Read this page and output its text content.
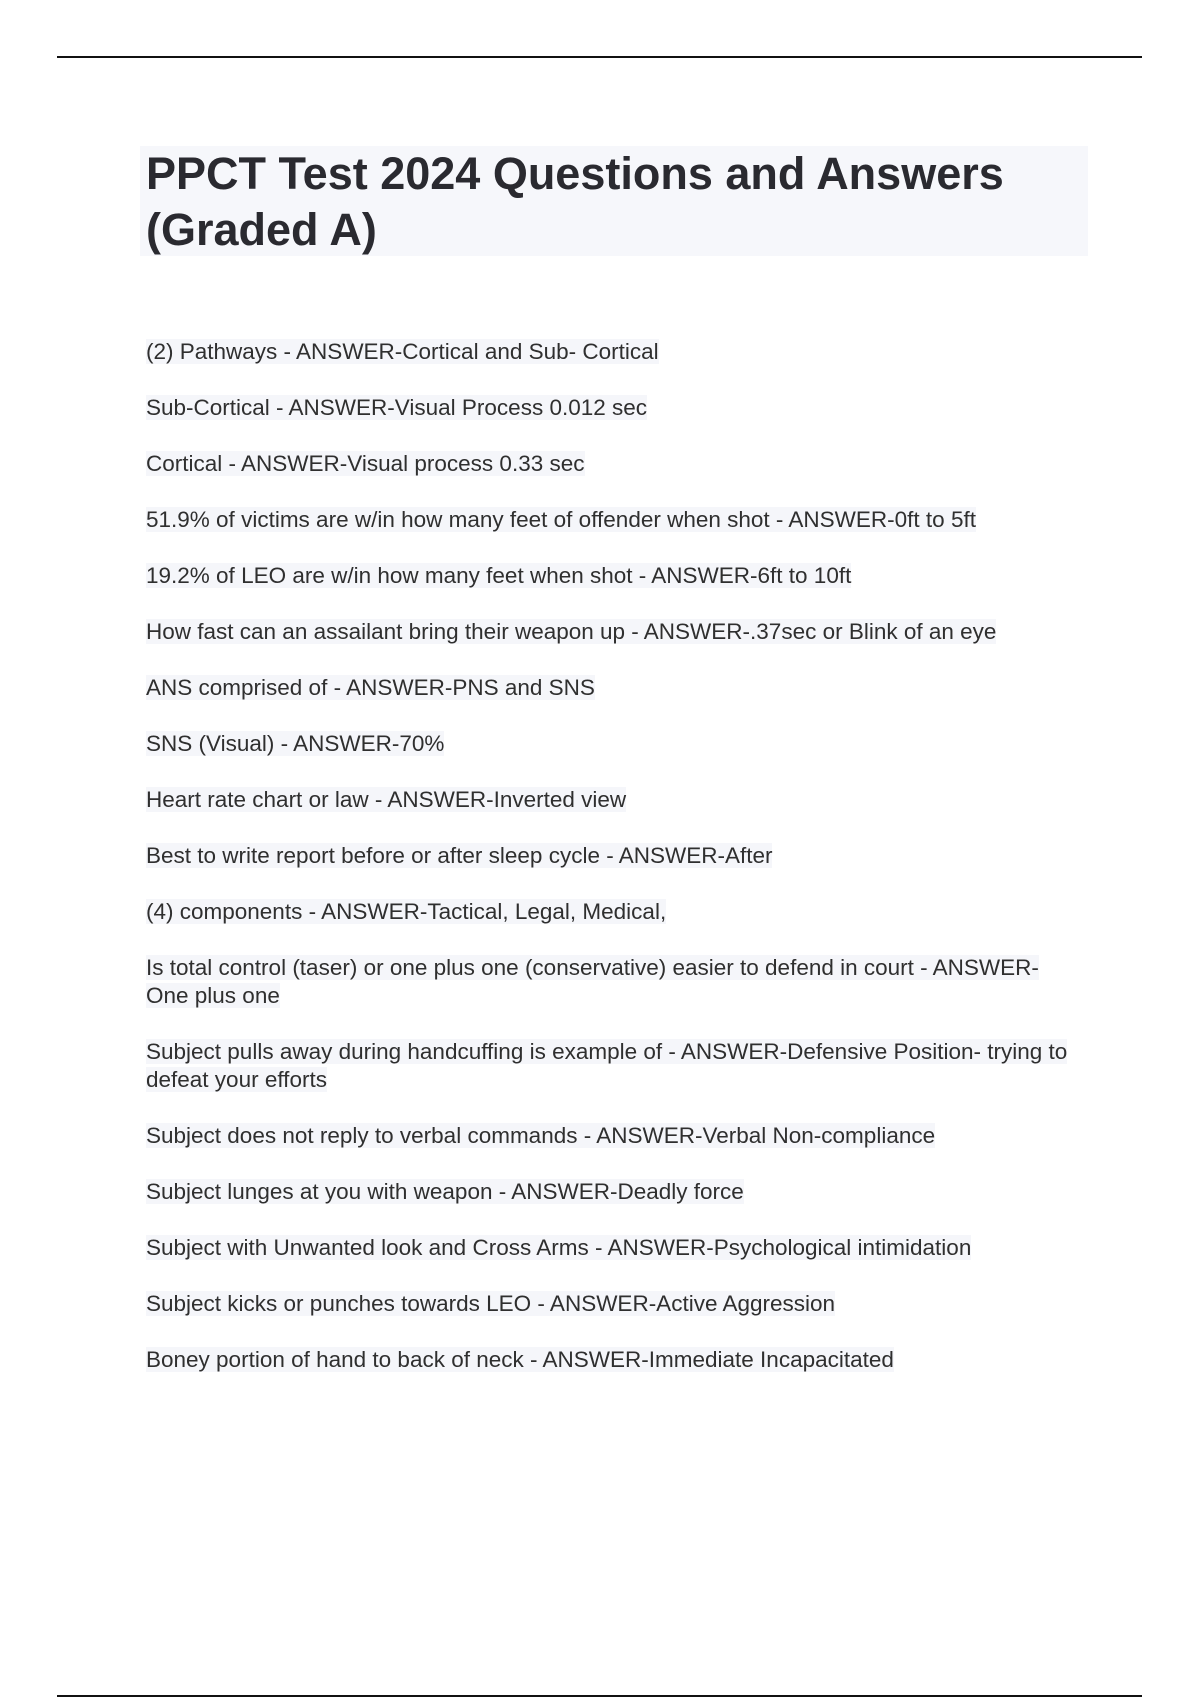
PPCT Test 2024 Questions and Answers (Graded A)
(2) Pathways - ANSWER-Cortical and Sub- Cortical
Sub-Cortical - ANSWER-Visual Process 0.012 sec
Cortical - ANSWER-Visual process 0.33 sec
51.9% of victims are w/in how many feet of offender when shot - ANSWER-0ft to 5ft
19.2% of LEO are w/in how many feet when shot - ANSWER-6ft to 10ft
How fast can an assailant bring their weapon up - ANSWER-.37sec or Blink of an eye
ANS comprised of - ANSWER-PNS and SNS
SNS (Visual) - ANSWER-70%
Heart rate chart or law - ANSWER-Inverted view
Best to write report before or after sleep cycle - ANSWER-After
(4) components - ANSWER-Tactical, Legal, Medical,
Is total control (taser) or one plus one (conservative) easier to defend in court - ANSWER-One plus one
Subject pulls away during handcuffing is example of - ANSWER-Defensive Position- trying to defeat your efforts
Subject does not reply to verbal commands - ANSWER-Verbal Non-compliance
Subject lunges at you with weapon - ANSWER-Deadly force
Subject with Unwanted look and Cross Arms - ANSWER-Psychological intimidation
Subject kicks or punches towards LEO - ANSWER-Active Aggression
Boney portion of hand to back of neck - ANSWER-Immediate Incapacitated
